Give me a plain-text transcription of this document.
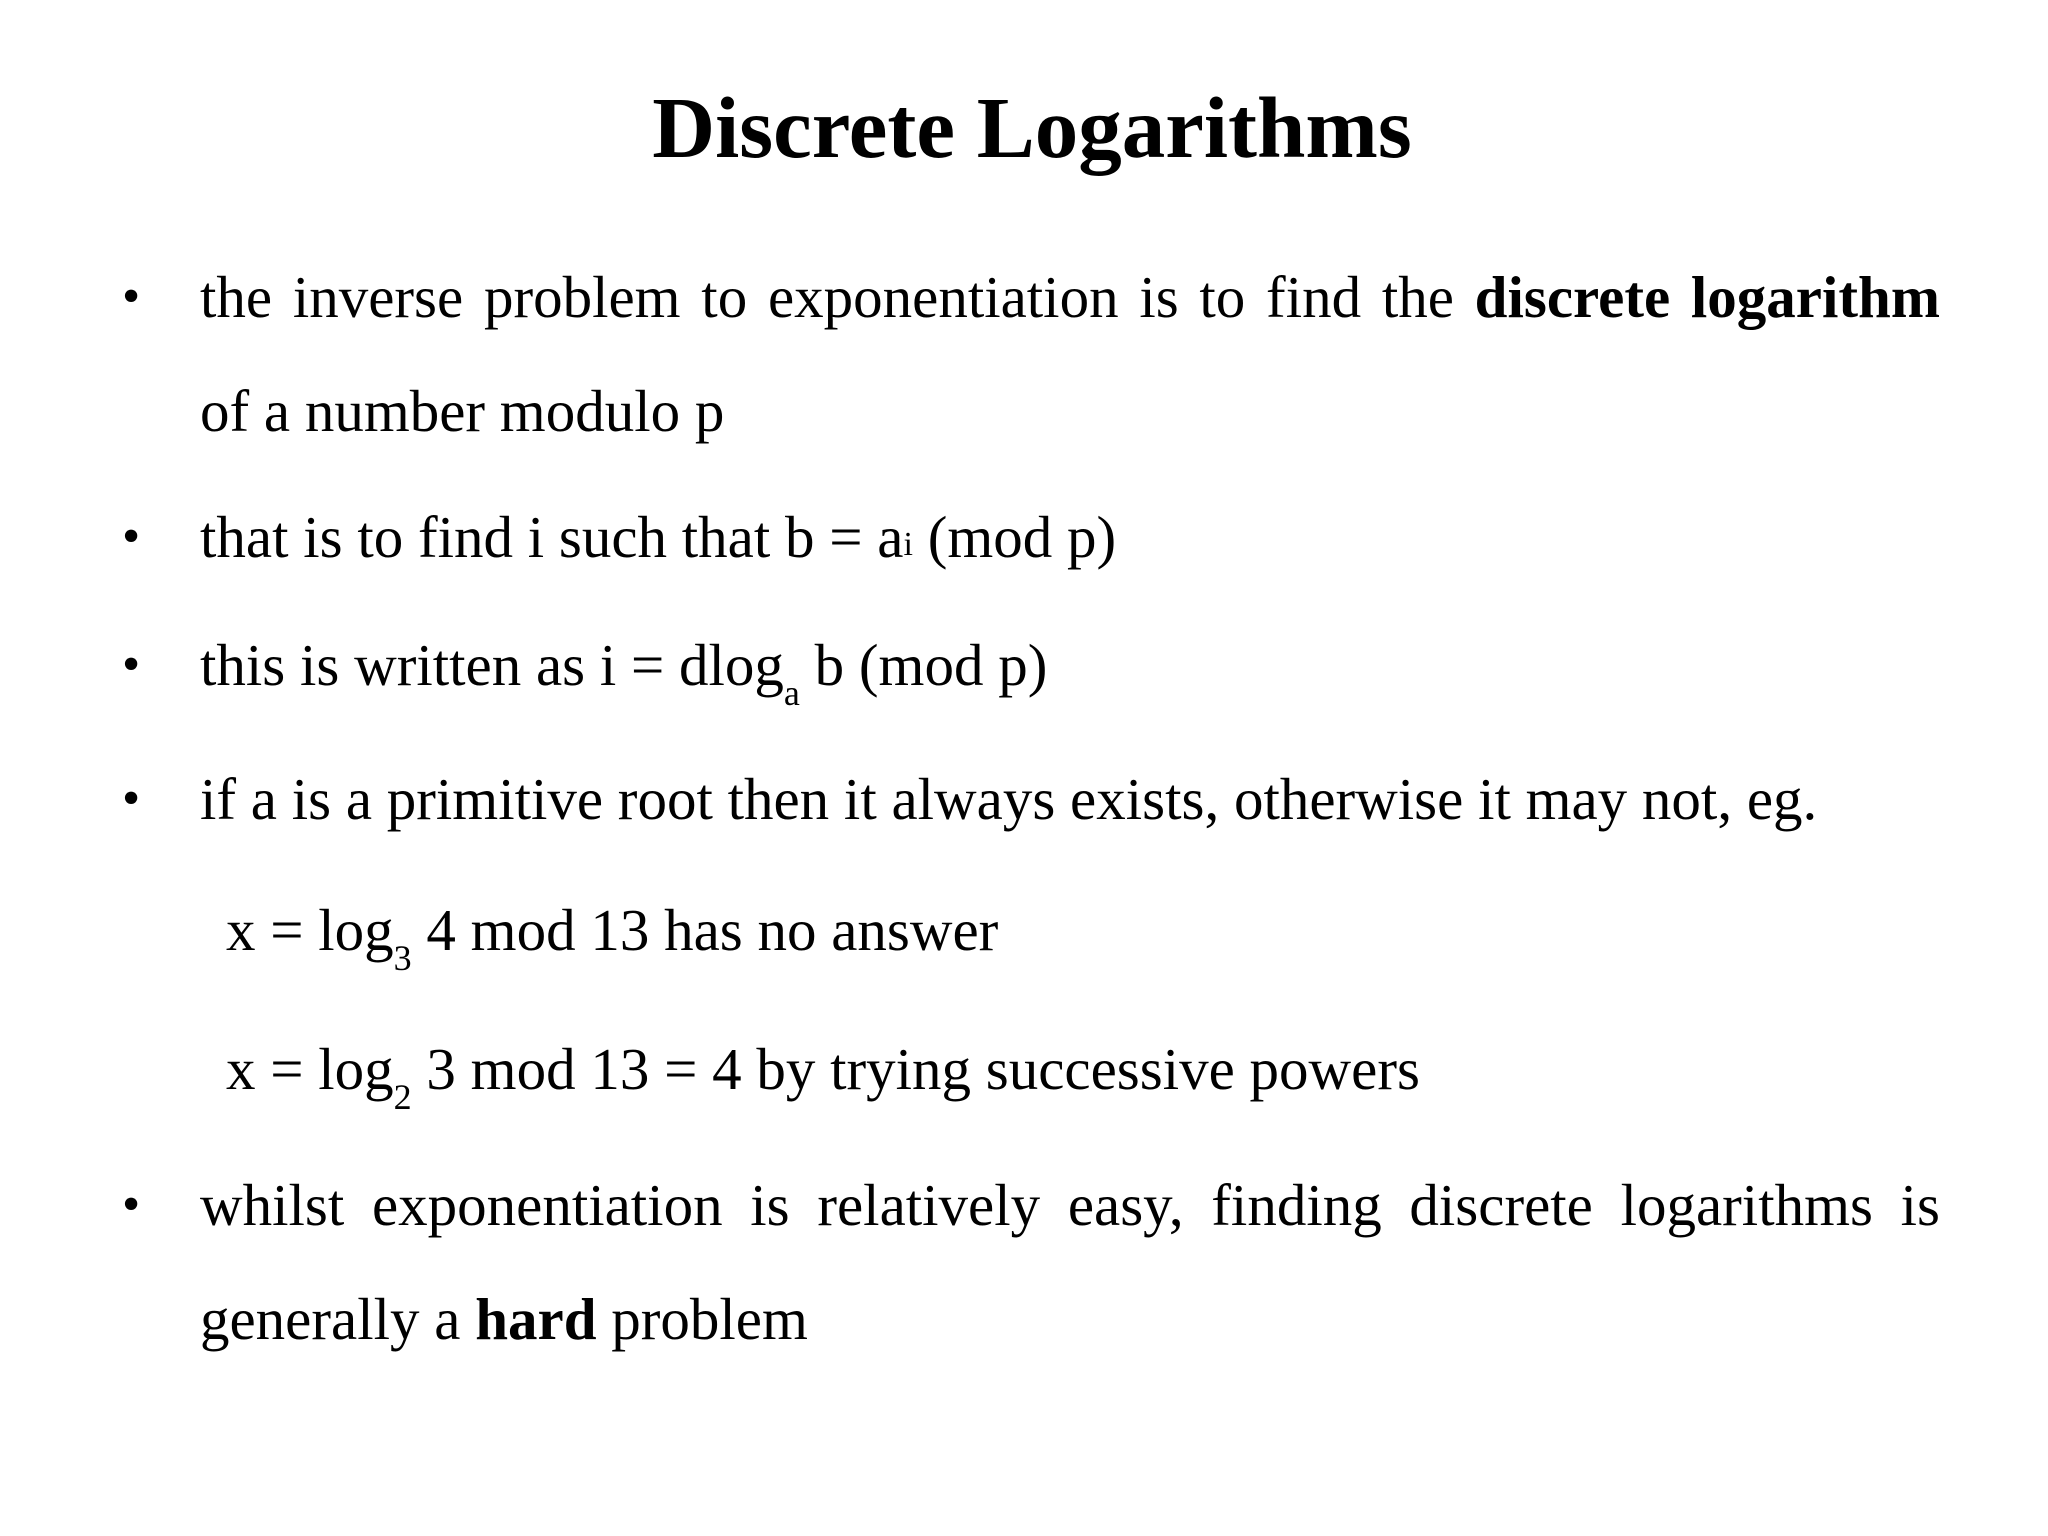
Discrete Logarithms
• the inverse problem to exponentiation is to find the discrete logarithm of a number modulo p
• that is to find i such that $b = a^i$ (mod p)
• this is written as i = dlog$_a$ b (mod p)
• if a is a primitive root then it always exists, otherwise it may not, eg.
$x = \log_3 4$ mod 13 has no answer
$x = \log_2 3$ mod 13 = 4 by trying successive powers
• whilst exponentiation is relatively easy, finding discrete logarithms is generally a hard problem
